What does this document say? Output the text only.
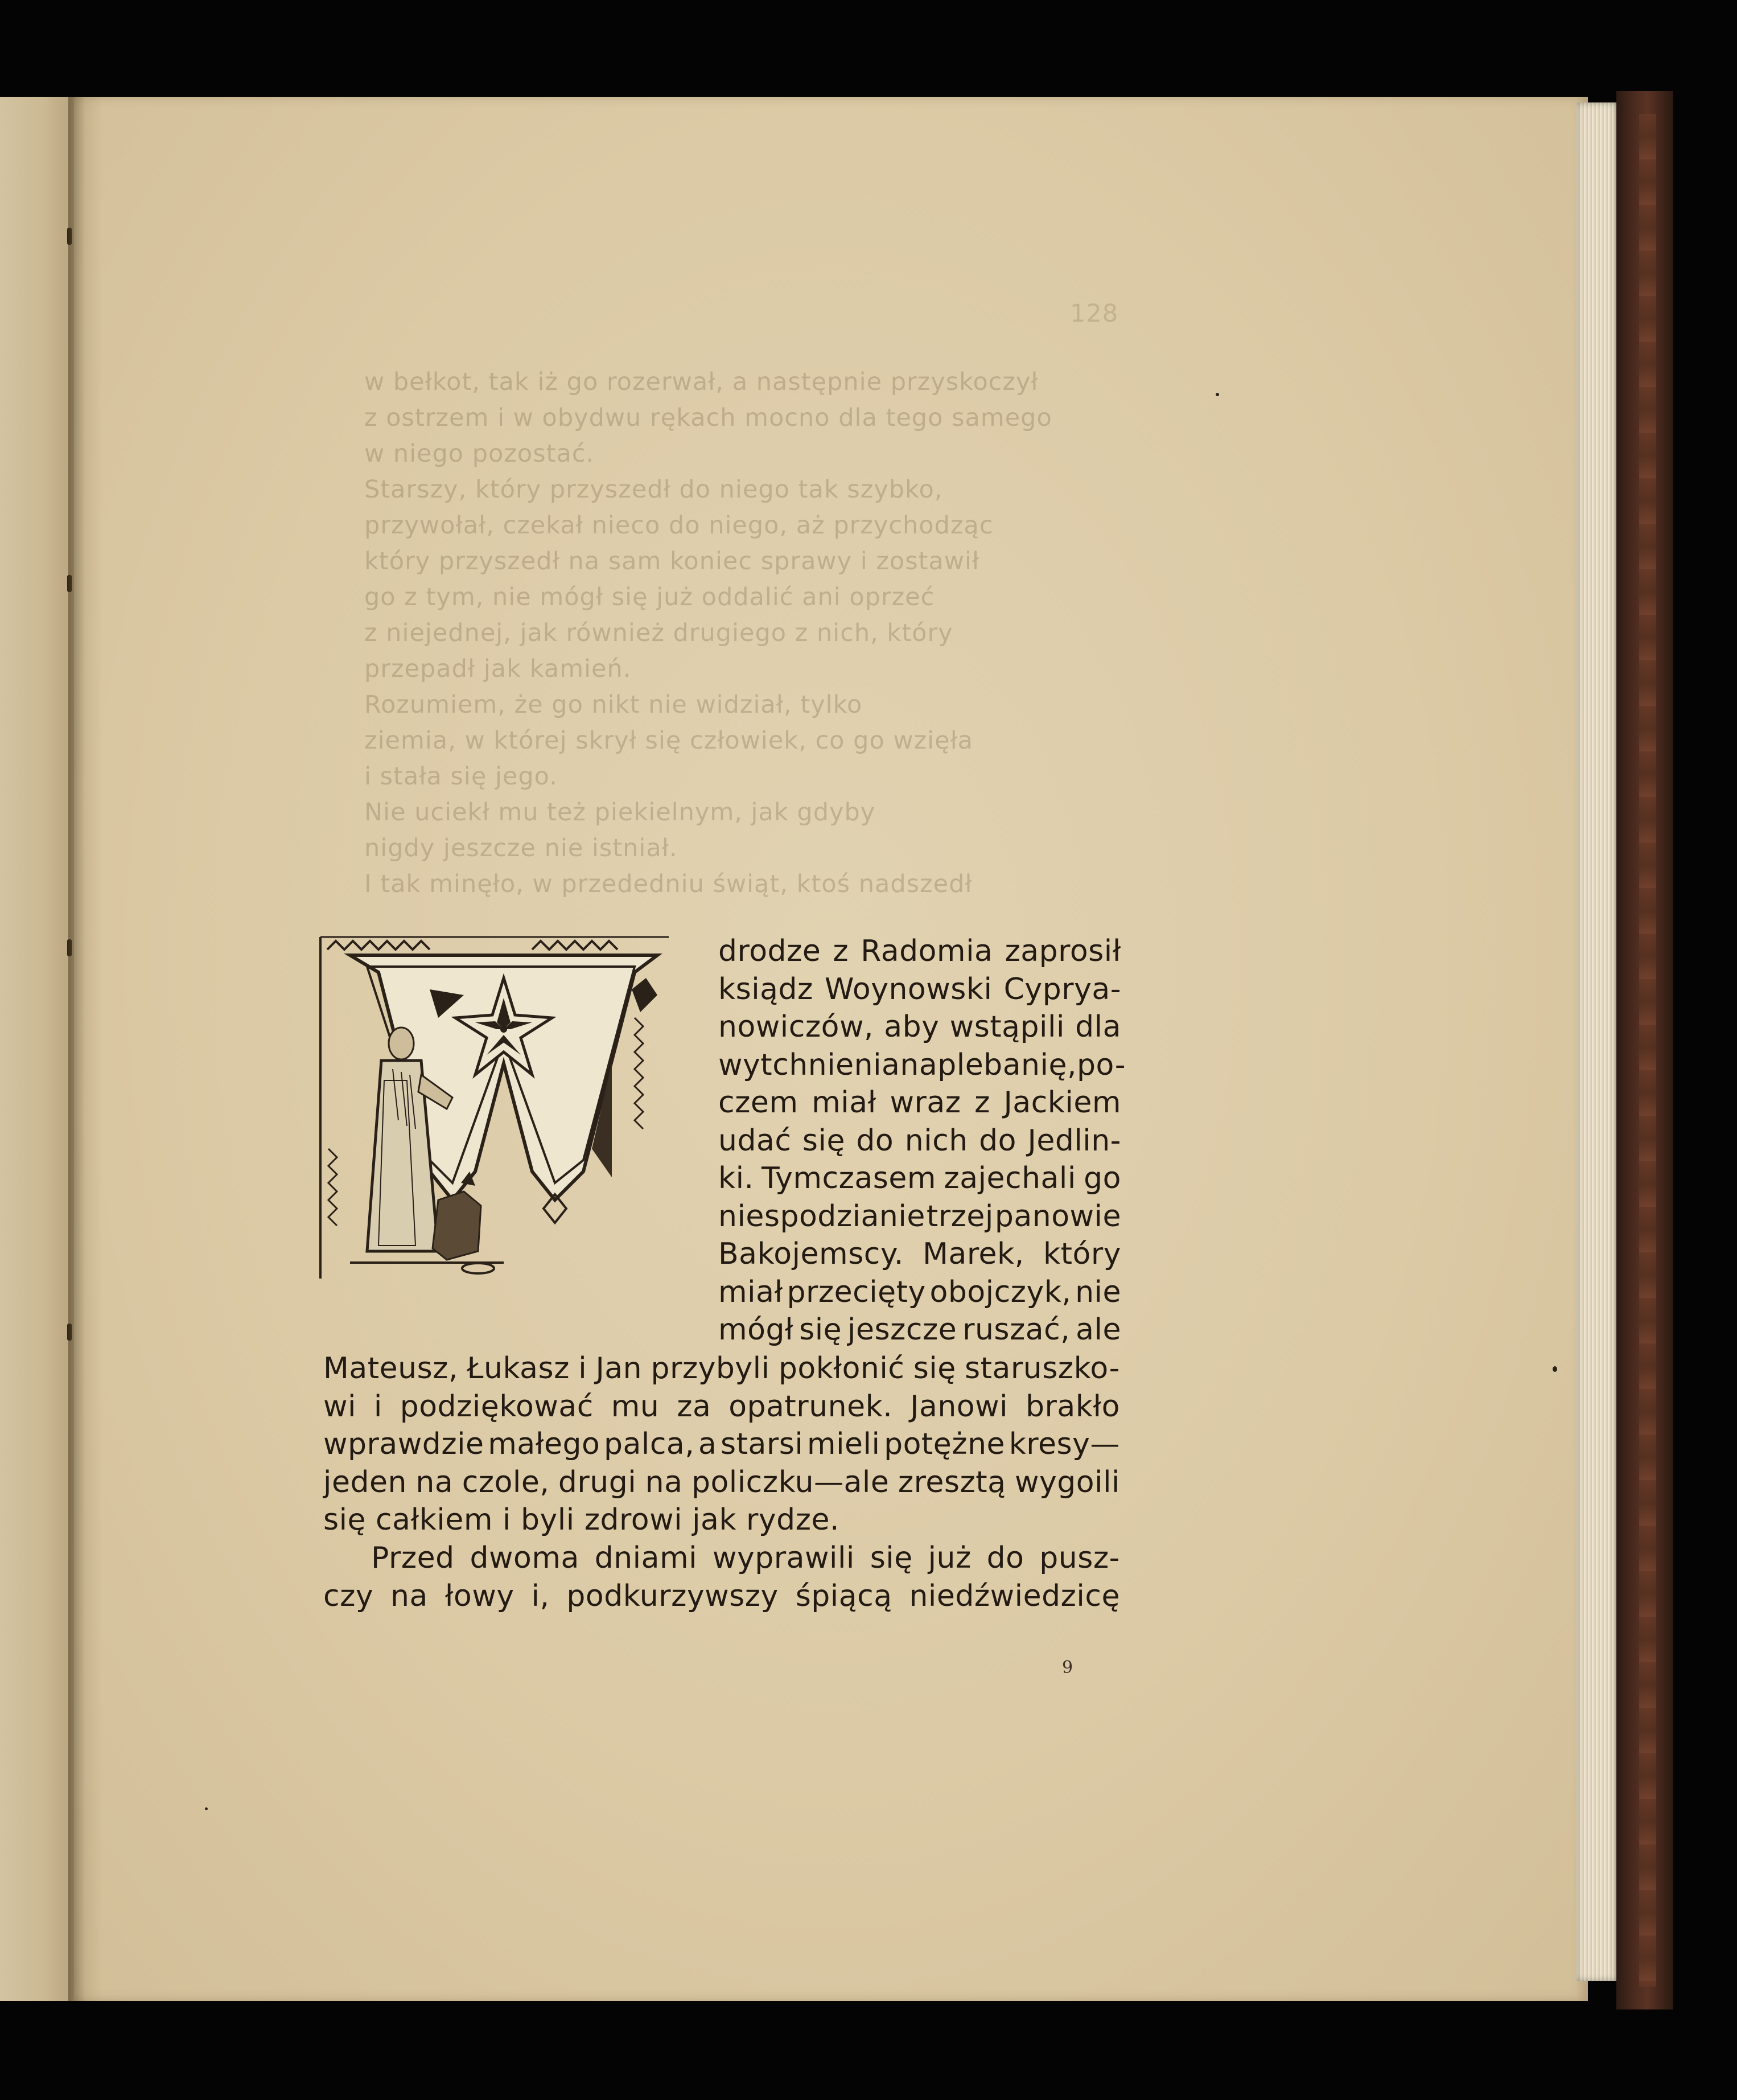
128

w bełkot, tak iż go rozerwał, a następnie przyskoczył

z ostrzem i w obydwu rękach mocno dla tego samego

w niego pozostać.

Starszy, który przyszedł do niego tak szybko,

przywołał, czekał nieco do niego, aż przychodząc

który przyszedł na sam koniec sprawy i zostawił

go z tym, nie mógł się już oddalić ani oprzeć

z niejednej, jak również drugiego z nich, który

przepadł jak kamień.

Rozumiem, że go nikt nie widział, tylko

ziemia, w której skrył się człowiek, co go wzięła

i stała się jego.

Nie uciekł mu też piekielnym, jak gdyby

nigdy jeszcze nie istniał.

I tak minęło, w przededniu świąt, ktoś nadszedł

drodze z Radomia zaprosił
ksiądz Woynowski Cyprya-
nowiczów, aby wstąpili dla
wytchnienia na plebanię, po-
czem miał wraz z Jackiem
udać się do nich do Jedlin-
ki. Tymczasem zajechali go
niespodzianie trzej panowie
Bakojemscy. Marek, który
miał przecięty obojczyk, nie
mógł się jeszcze ruszać, ale
Mateusz, Łukasz i Jan przybyli pokłonić się staruszko-
wi i podziękować mu za opatrunek. Janowi brakło
wprawdzie małego palca, a starsi mieli potężne kresy—
jeden na czole, drugi na policzku—ale zresztą wygoili
się całkiem i byli zdrowi jak rydze.
Przed dwoma dniami wyprawili się już do pusz-
czy na łowy i, podkurzywszy śpiącą niedźwiedzicę
9
